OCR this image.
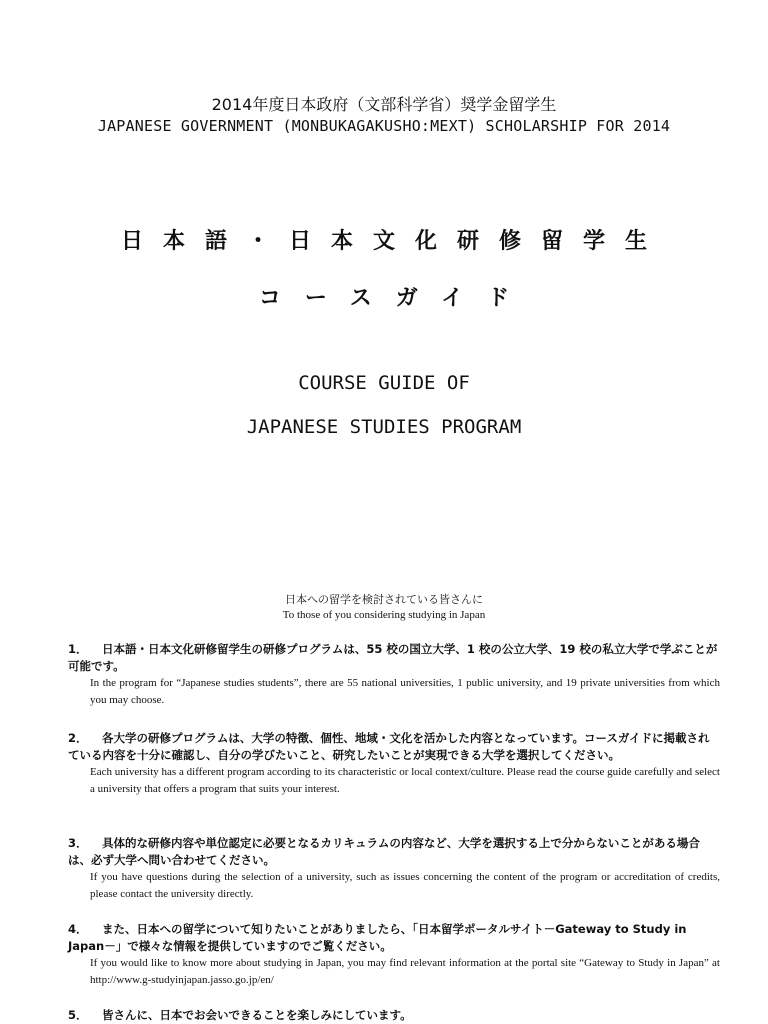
2014年度日本政府（文部科学省）奨学金留学生
JAPANESE GOVERNMENT (MONBUKAGAKUSHO:MEXT) SCHOLARSHIP FOR 2014
日本語・日本文化研修留学生
コースガイド
COURSE GUIDE OF
JAPANESE STUDIES PROGRAM
日本への留学を検討されている皆さんに
To those of you considering studying in Japan
1． 日本語・日本文化研修留学生の研修プログラムは、55 校の国立大学、1 校の公立大学、19 校の私立大学で学ぶことが可能です。
In the program for “Japanese studies students”, there are 55 national universities, 1 public university, and 19 private universities from which you may choose.
2． 各大学の研修プログラムは、大学の特徴、個性、地域・文化を活かした内容となっています。コースガイドに掲載されている内容を十分に確認し、自分の学びたいこと、研究したいことが実現できる大学を選択してください。
Each university has a different program according to its characteristic or local context/culture. Please read the course guide carefully and select a university that offers a program that suits your interest.
3． 具体的な研修内容や単位認定に必要となるカリキュラムの内容など、大学を選択する上で分からないことがある場合は、必ず大学へ問い合わせてください。
If you have questions during the selection of a university, such as issues concerning the content of the program or accreditation of credits, please contact the university directly.
4． また、日本への留学について知りたいことがありましたら、「日本留学ポータルサイト－Gateway to Study in Japan－」で様々な情報を提供していますのでご覧ください。
If you would like to know more about studying in Japan, you may find relevant information at the portal site “Gateway to Study in Japan” at http://www.g-studyinjapan.jasso.go.jp/en/
5． 皆さんに、日本でお会いできることを楽しみにしています。
